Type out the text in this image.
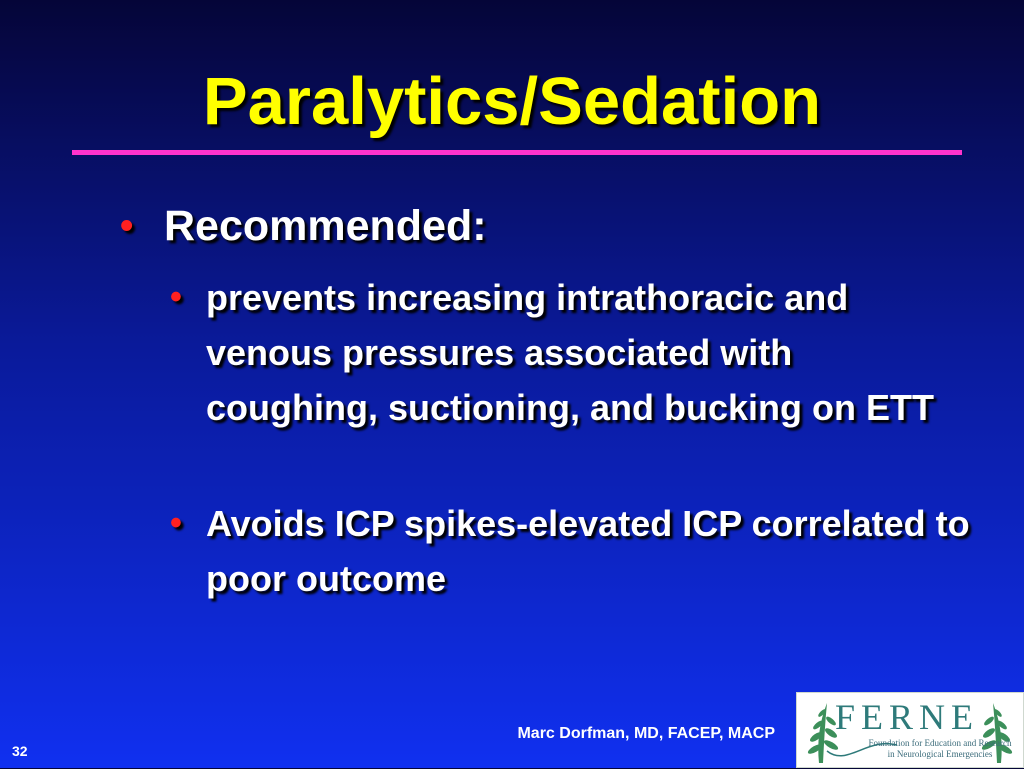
Paralytics/Sedation
• Recommended:
• prevents increasing intrathoracic and venous pressures associated with coughing, suctioning, and bucking on ETT
• Avoids ICP spikes-elevated ICP correlated to poor outcome
Marc Dorfman, MD, FACEP, MACP
32
FERNE
Foundation for Education and Research
in Neurological Emergencies
